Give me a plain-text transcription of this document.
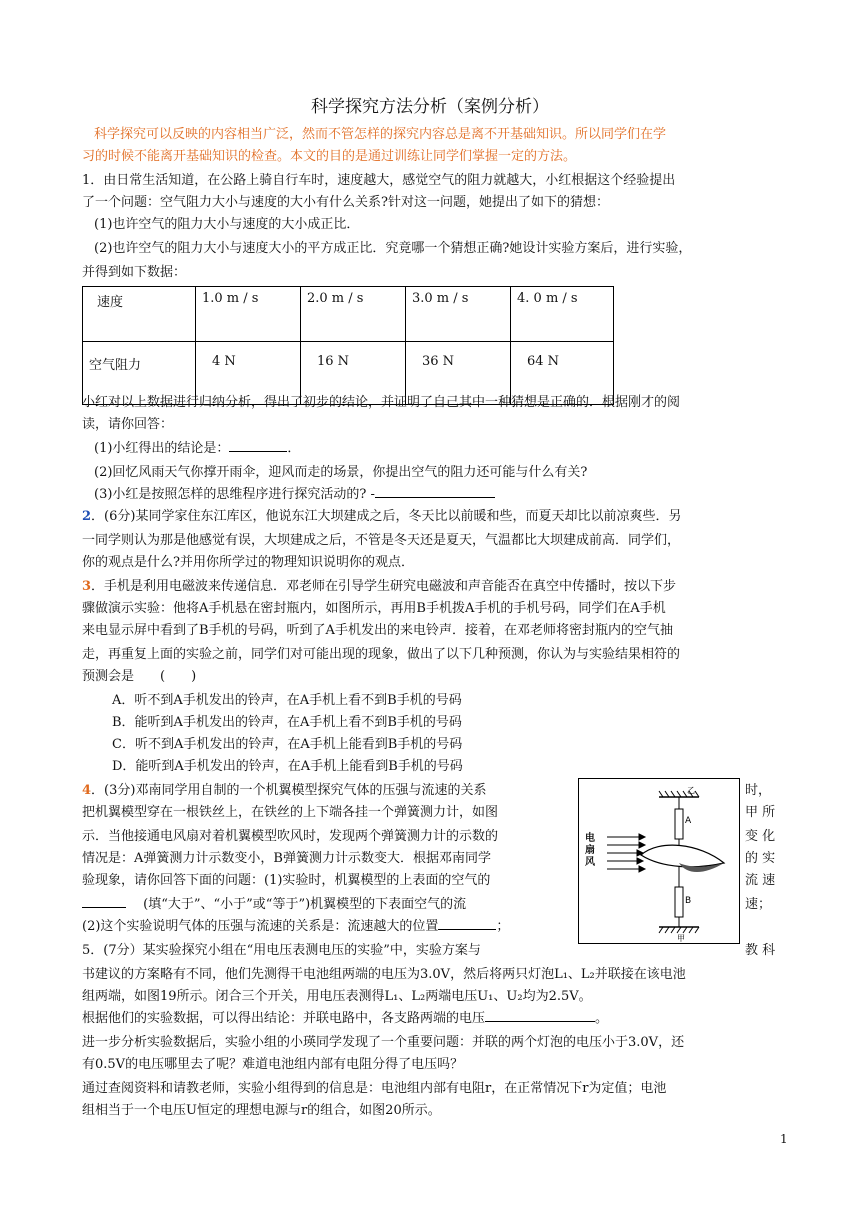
科学探究方法分析（案例分析）
科学探究可以反映的内容相当广泛，然而不管怎样的探究内容总是离不开基础知识。所以同学们在学
习的时候不能离开基础知识的检查。本文的目的是通过训练让同学们掌握一定的方法。
1．由日常生活知道，在公路上骑自行车时，速度越大，感觉空气的阻力就越大，小红根据这个经验提出
了一个问题：空气阻力大小与速度的大小有什么关系?针对这一问题，她提出了如下的猜想：
(1)也许空气的阻力大小与速度的大小成正比．
(2)也许空气的阻力大小与速度大小的平方成正比．究竟哪一个猜想正确?她设计实验方案后，进行实验，
并得到如下数据：
速度	1.0 m / s	2.0 m / s	3.0 m / s	4. 0 m / s
空气阻力	4 N	16 N	36 N	64 N
小红对以上数据进行归纳分析，得出了初步的结论，并证明了自己其中一种猜想是正确的．根据刚才的阅
读，请你回答：
(1)小红得出的结论是：	．
(2)回忆风雨天气你撑开雨伞，迎风而走的场景，你提出空气的阻力还可能与什么有关?
(3)小红是按照怎样的思维程序进行探究活动的? -
2．(6分)某同学家住东江库区，他说东江大坝建成之后，冬天比以前暖和些，而夏天却比以前凉爽些．另
一同学则认为那是他感觉有误，大坝建成之后，不管是冬天还是夏天，气温都比大坝建成前高．同学们，
你的观点是什么?并用你所学过的物理知识说明你的观点．
3．手机是利用电磁波来传递信息．邓老师在引导学生研究电磁波和声音能否在真空中传播时，按以下步
骤做演示实验：他将A手机悬在密封瓶内，如图所示，再用B手机拨A手机的手机号码，同学们在A手机
来电显示屏中看到了B手机的号码，听到了A手机发出的来电铃声．接着，在邓老师将密封瓶内的空气抽
走，再重复上面的实验之前，同学们对可能出现的现象，做出了以下几种预测，你认为与实验结果相符的
预测会是　　(　　)
A．听不到A手机发出的铃声，在A手机上看不到B手机的号码
B．能听到A手机发出的铃声，在A手机上看不到B手机的号码
C．听不到A手机发出的铃声，在A手机上能看到B手机的号码
D．能听到A手机发出的铃声，在A手机上能看到B手机的号码
4．(3分)邓南同学用自制的一个机翼模型探究气体的压强与流速的关系
把机翼模型穿在一根铁丝上，在铁丝的上下端各挂一个弹簧测力计，如图
示．当他接通电风扇对着机翼模型吹风时，发现两个弹簧测力计的示数的
情况是：A弹簧测力计示数变小，B弹簧测力计示数变大．根据邓南同学
验现象，请你回答下面的问题：(1)实验时，机翼模型的上表面的空气的
　 (填“大于”、“小于”或“等于”)机翼模型的下表面空气的流
(2)这个实验说明气体的压强与流速的关系是：流速越大的位置	；
时，
甲 所
变 化
的 实
流 速
速；
A
B
乙
甲
电扇风
5．(7分）某实验探究小组在“用电压表测电压的实验”中，实验方案与	教 科
书建议的方案略有不同，他们先测得干电池组两端的电压为3.0V，然后将两只灯泡L₁、L₂并联接在该电池
组两端，如图19所示。闭合三个开关，用电压表测得L₁、L₂两端电压U₁、U₂均为2.5V。
根据他们的实验数据，可以得出结论：并联电路中，各支路两端的电压	。
进一步分析实验数据后，实验小组的小瑛同学发现了一个重要问题：并联的两个灯泡的电压小于3.0V，还
有0.5V的电压哪里去了呢？难道电池组内部有电阻分得了电压吗？
通过查阅资料和请教老师，实验小组得到的信息是：电池组内部有电阻r，在正常情况下r为定值；电池
组相当于一个电压U恒定的理想电源与r的组合，如图20所示。
1
